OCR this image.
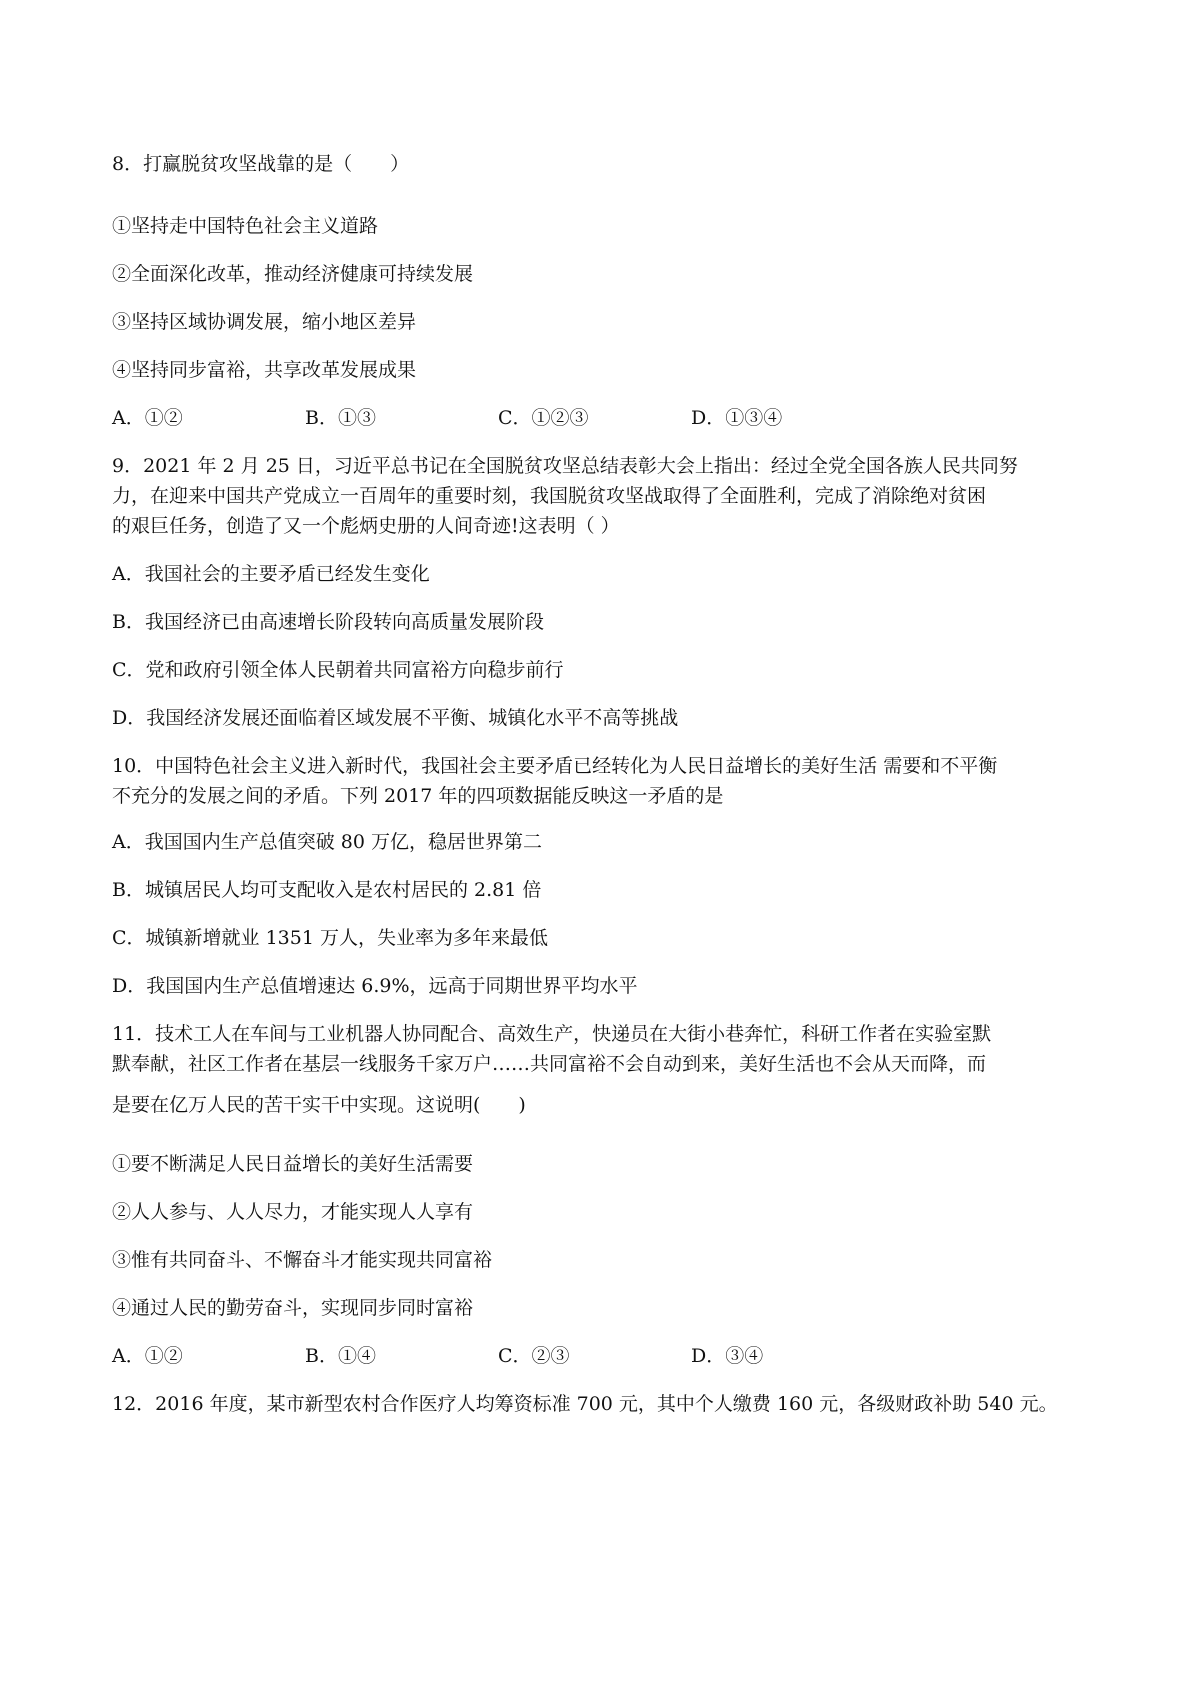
8．打赢脱贫攻坚战靠的是（　　）
①坚持走中国特色社会主义道路
②全面深化改革，推动经济健康可持续发展
③坚持区域协调发展，缩小地区差异
④坚持同步富裕，共享改革发展成果
A．①②	B．①③	C．①②③	D．①③④
9．2021 年 2 月 25 日，习近平总书记在全国脱贫攻坚总结表彰大会上指出：经过全党全国各族人民共同努
力，在迎来中国共产党成立一百周年的重要时刻，我国脱贫攻坚战取得了全面胜利，完成了消除绝对贫困
的艰巨任务，创造了又一个彪炳史册的人间奇迹!这表明（ ）
A．我国社会的主要矛盾已经发生变化
B．我国经济已由高速增长阶段转向高质量发展阶段
C．党和政府引领全体人民朝着共同富裕方向稳步前行
D．我国经济发展还面临着区域发展不平衡、城镇化水平不高等挑战
10．中国特色社会主义进入新时代，我国社会主要矛盾已经转化为人民日益增长的美好生活 需要和不平衡
不充分的发展之间的矛盾。下列 2017 年的四项数据能反映这一矛盾的是
A．我国国内生产总值突破 80 万亿，稳居世界第二
B．城镇居民人均可支配收入是农村居民的 2.81 倍
C．城镇新增就业 1351 万人，失业率为多年来最低
D．我国国内生产总值增速达 6.9%，远高于同期世界平均水平
11．技术工人在车间与工业机器人协同配合、高效生产，快递员在大街小巷奔忙，科研工作者在实验室默
默奉献，社区工作者在基层一线服务千家万户……共同富裕不会自动到来，美好生活也不会从天而降，而
是要在亿万人民的苦干实干中实现。这说明(　　)
①要不断满足人民日益增长的美好生活需要
②人人参与、人人尽力，才能实现人人享有
③惟有共同奋斗、不懈奋斗才能实现共同富裕
④通过人民的勤劳奋斗，实现同步同时富裕
A．①②	B．①④	C．②③	D．③④
12．2016 年度，某市新型农村合作医疗人均筹资标准 700 元，其中个人缴费 160 元，各级财政补助 540 元。
